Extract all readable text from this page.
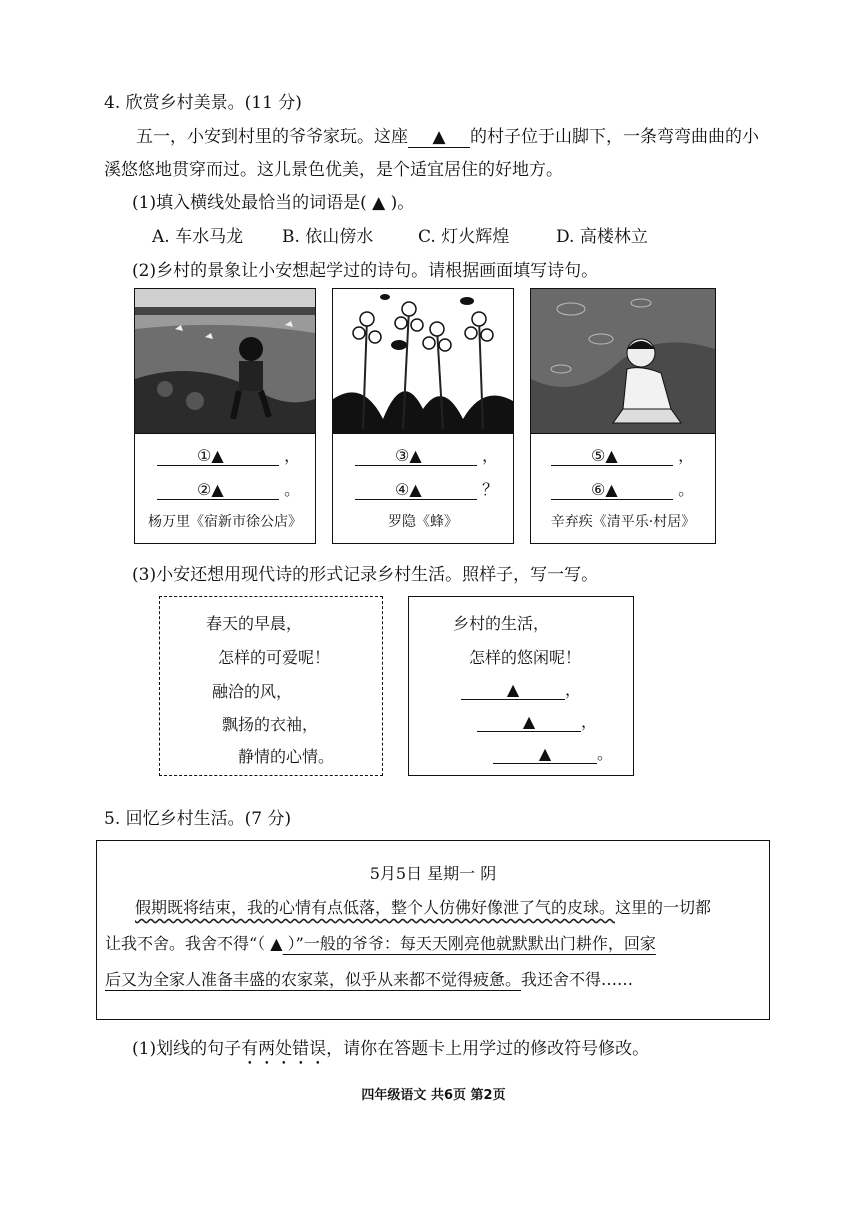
4. 欣赏乡村美景。(11 分)
五一，小安到村里的爷爷家玩。这座 ▲ 的村子位于山脚下，一条弯弯曲曲的小
溪悠悠地贯穿而过。这儿景色优美，是个适宜居住的好地方。
(1)填入横线处最恰当的词语是( ▲ )。
A. 车水马龙 B. 依山傍水	C. 灯火辉煌	D. 高楼林立
(2)乡村的景象让小安想起学过的诗句。请根据画面填写诗句。
①▲	，
②▲	。
杨万里《宿新市徐公店》
③▲	，
④▲	？
罗隐《蜂》
⑤▲	，
⑥▲	。
辛弃疾《清平乐·村居》
(3)小安还想用现代诗的形式记录乡村生活。照样子，写一写。
春天的早晨，
怎样的可爱呢！
融洽的风，
飘扬的衣袖，
静情的心情。
乡村的生活，
怎样的悠闲呢！
▲	，
▲	，
▲	。
5. 回忆乡村生活。(7 分)
5月5日 星期一 阴
假期既将结束，我的心情有点低落，整个人仿佛好像泄了气的皮球。这里的一切都
让我不舍。我舍不得“（ ▲ ）”一般的爷爷：每天天刚亮他就默默出门耕作，回家
后又为全家人准备丰盛的农家菜，似乎从来都不觉得疲惫。我还舍不得……
(1)划线的句子有两处错误，请你在答题卡上用学过的修改符号修改。
四年级语文 共6页 第2页
